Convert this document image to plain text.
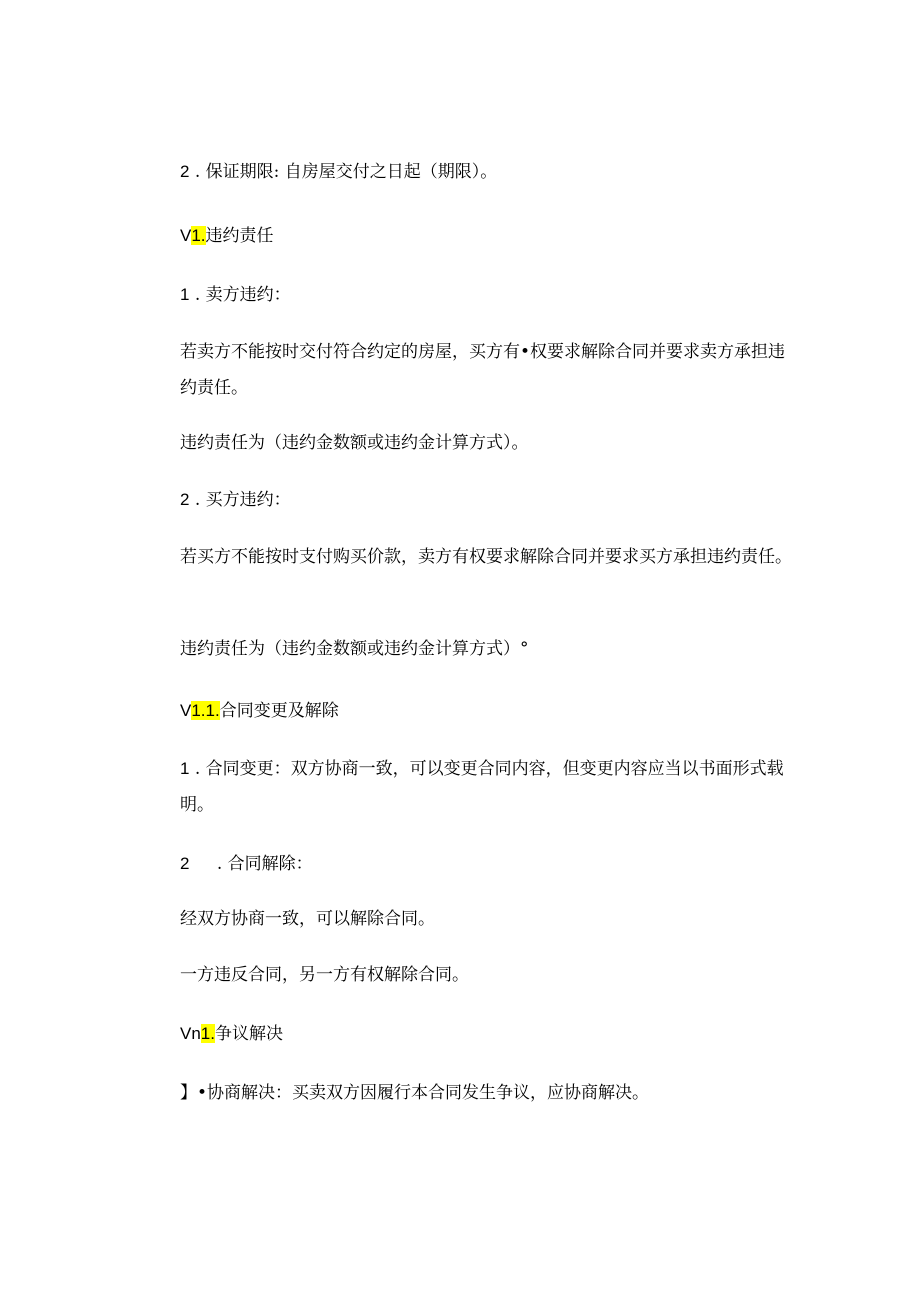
2 . 保证期限: 自房屋交付之日起（期限）。

V1.违约责任

1 . 卖方违约：

若卖方不能按时交付符合约定的房屋，买方有•权要求解除合同并要求卖方承担违约责任。

违约责任为（违约金数额或违约金计算方式）。

2 . 买方违约：

若买方不能按时支付购买价款，卖方有权要求解除合同并要求买方承担违约责任。

违约责任为（违约金数额或违约金计算方式）°

V1.1.合同变更及解除

1 . 合同变更：双方协商一致，可以变更合同内容，但变更内容应当以书面形式载明。

2 . 合同解除：

经双方协商一致，可以解除合同。

一方违反合同，另一方有权解除合同。

Vn1.争议解决

】•协商解决：买卖双方因履行本合同发生争议，应协商解决。
